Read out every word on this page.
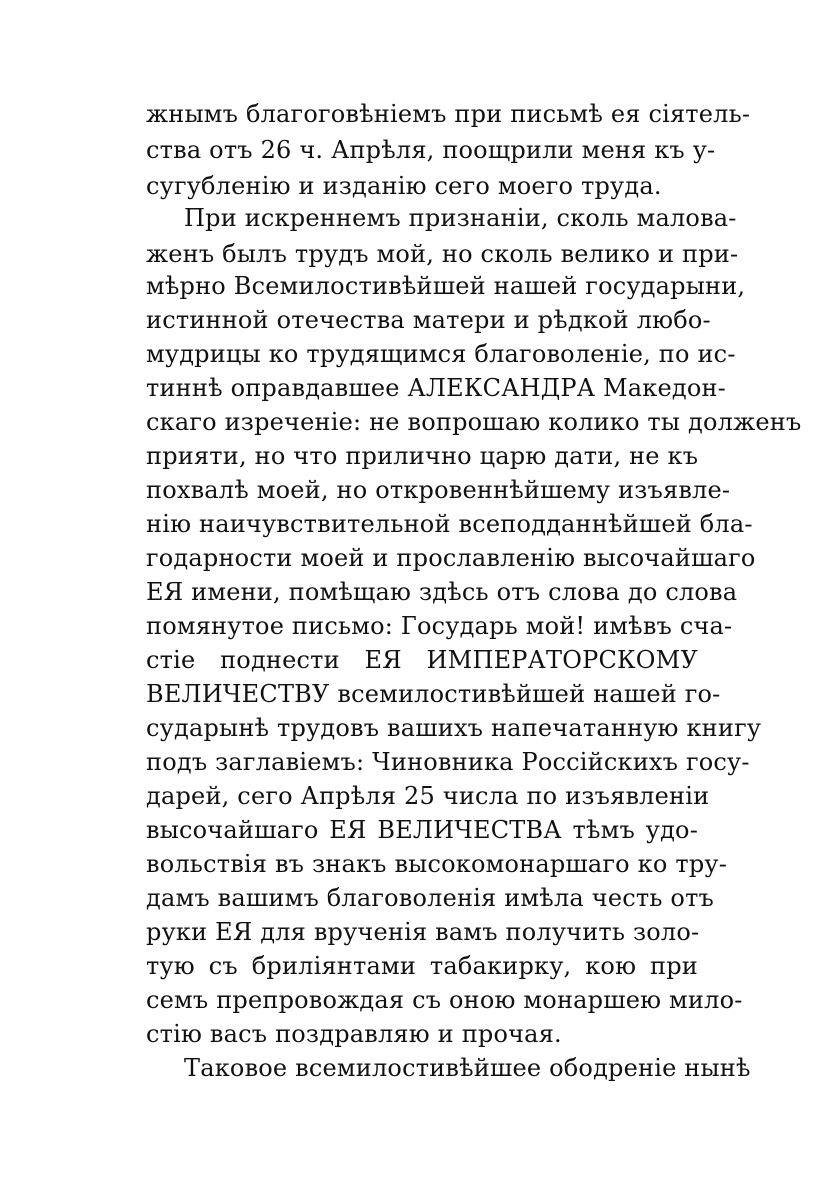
жнымъ благоговѣнiемъ при письмѣ ея сiятель-
ства отъ 26 ч. Апрѣля, поощрили меня къ у-
сугубленiю и изданiю сего моего труда.
При искреннемъ признанiи, сколь малова-
женъ былъ трудъ мой, но сколь велико и при-
мѣрно Всемилостивѣйшей нашей государыни,
истинной отечества матери и рѣдкой любо-
мудрицы ко трудящимся благоволенiе, по ис-
тиннѣ оправдавшее АЛЕКСАНДРА Македон-
скаго изреченiе: не вопрошаю колико ты долженъ
прияти, но что прилично царю дати, не къ
похвалѣ моей, но откровеннѣйшему изъявле-
нiю наичувствительной всеподданнѣйшей бла-
годарности моей и прославленiю высочайшаго
ЕЯ имени, помѣщаю здѣсь отъ слова до слова
помянутое письмо: Государь мой! имѣвъ сча-
стiе поднести ЕЯ ИМПЕРАТОРСКОМУ
ВЕЛИЧЕСТВУ всемилостивѣйшей нашей го-
сударынѣ трудовъ вашихъ напечатанную книгу
подъ заглавiемъ: Чиновника Россiйскихъ госу-
дарей, сего Апрѣля 25 числа по изъявленiи
высочайшаго ЕЯ ВЕЛИЧЕСТВА тѣмъ удо-
вольствiя въ знакъ высокомонаршаго ко тру-
дамъ вашимъ благоволенiя имѣла честь отъ
руки ЕЯ для врученiя вамъ получить золо-
тую съ брилiянтами табакирку, кою при
семъ препровождая съ оною монаршею мило-
стiю васъ поздравляю и прочая.
Таковое всемилостивѣйшее ободренiе нынѣ
